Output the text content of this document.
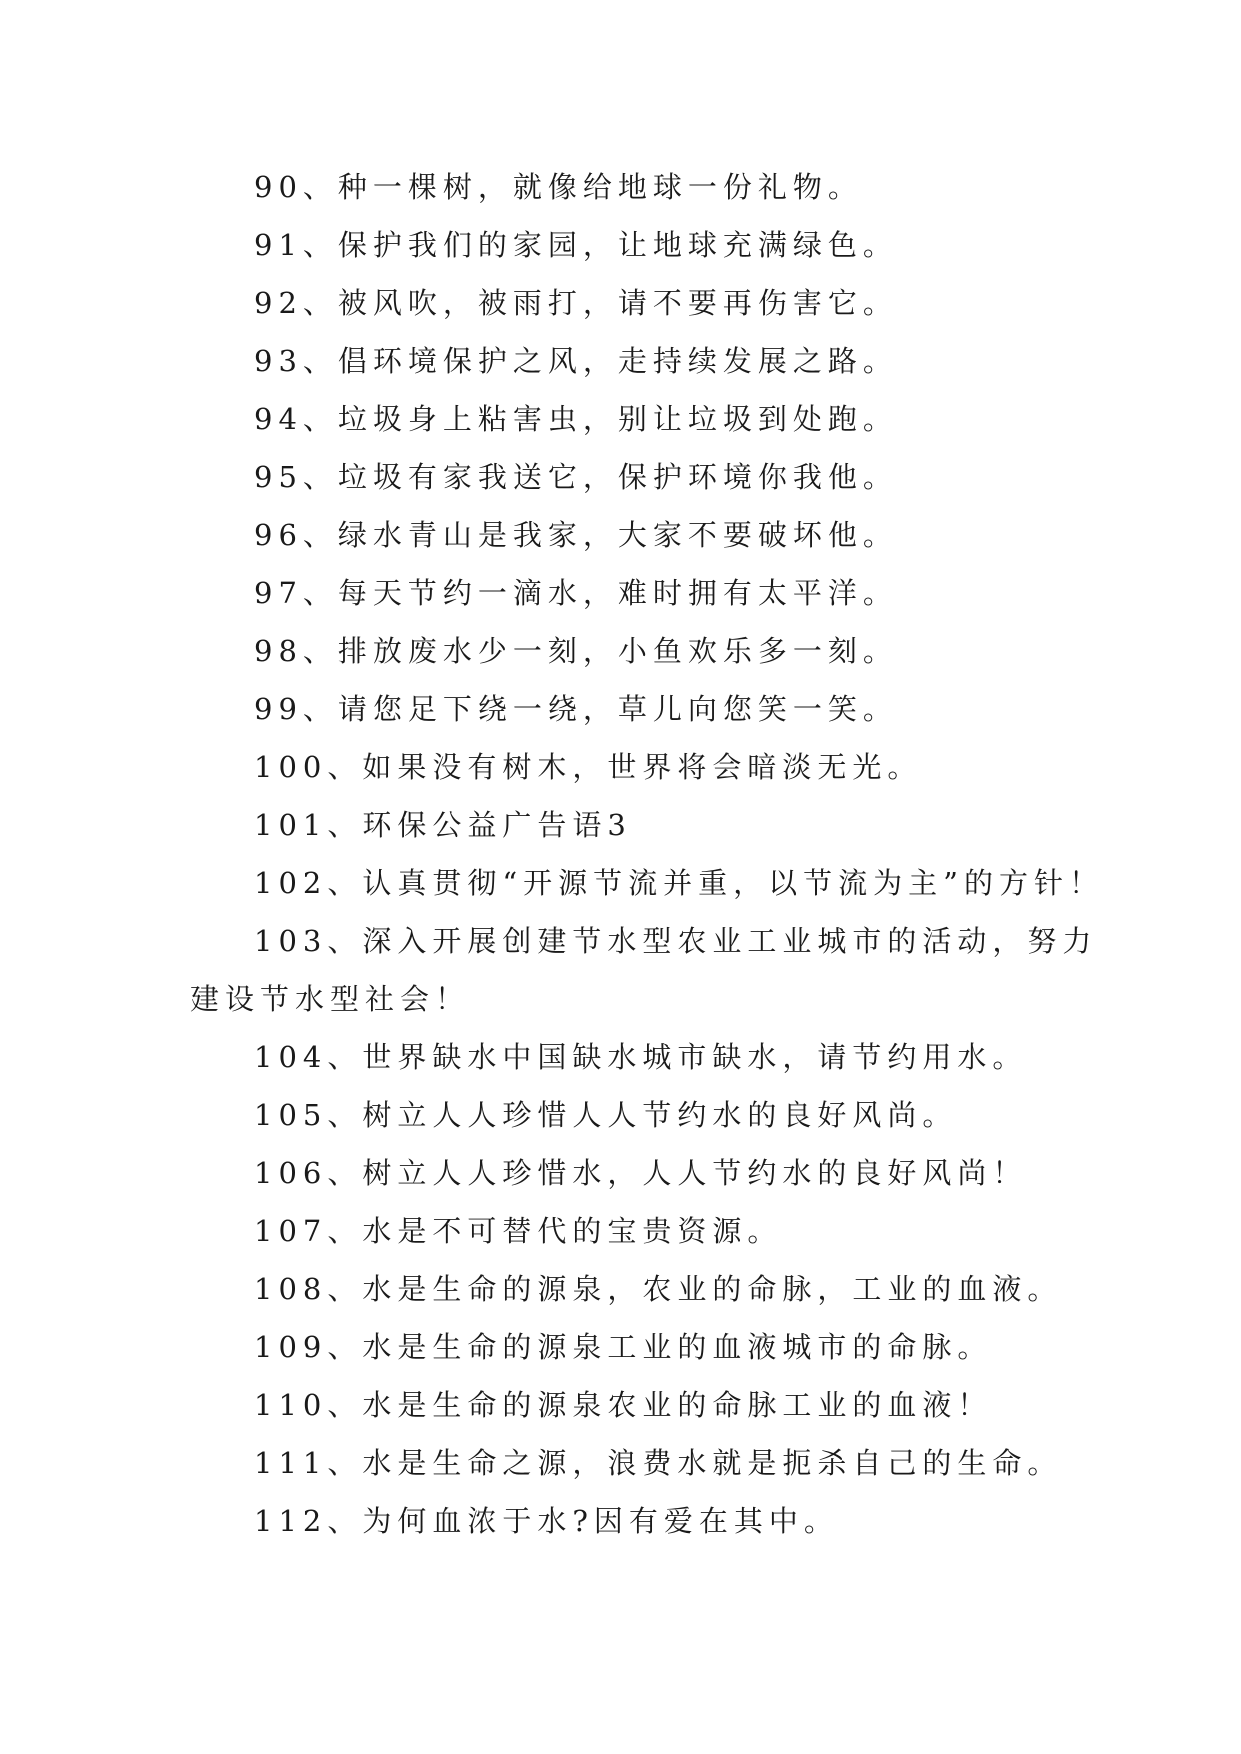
90、种一棵树，就像给地球一份礼物。
91、保护我们的家园，让地球充满绿色。
92、被风吹，被雨打，请不要再伤害它。
93、倡环境保护之风，走持续发展之路。
94、垃圾身上粘害虫，别让垃圾到处跑。
95、垃圾有家我送它，保护环境你我他。
96、绿水青山是我家，大家不要破坏他。
97、每天节约一滴水，难时拥有太平洋。
98、排放废水少一刻，小鱼欢乐多一刻。
99、请您足下绕一绕，草儿向您笑一笑。
100、如果没有树木，世界将会暗淡无光。
101、环保公益广告语3
102、认真贯彻“开源节流并重，以节流为主”的方针！
103、深入开展创建节水型农业工业城市的活动，努力
建设节水型社会！
104、世界缺水中国缺水城市缺水，请节约用水。
105、树立人人珍惜人人节约水的良好风尚。
106、树立人人珍惜水，人人节约水的良好风尚！
107、水是不可替代的宝贵资源。
108、水是生命的源泉，农业的命脉，工业的血液。
109、水是生命的源泉工业的血液城市的命脉。
110、水是生命的源泉农业的命脉工业的血液！
111、水是生命之源，浪费水就是扼杀自己的生命。
112、为何血浓于水?因有爱在其中。
